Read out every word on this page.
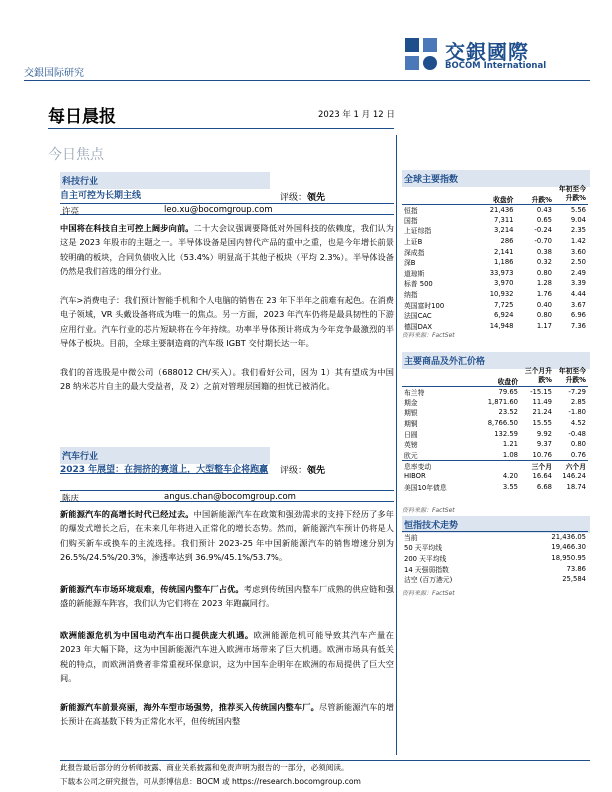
交銀国际研究
交銀國際
BOCOM International
每日晨报	2023 年 1 月 12 日
今日焦点
科技行业
自主可控为长期主线	评级：领先
许亮	leo.xu@bocomgroup.com
中国将在科技自主可控上阔步向前。二十大会议强调要降低对外国科技的依赖度，我们认为这是 2023 年股市的主题之一。半导体设备是国内替代产品的重中之重，也是今年增长前景较明确的板块，合同负债收入比（53.4%）明显高于其他子板块（平均 2.3%）。半导体设备仍然是我们首选的细分行业。
汽车>消费电子：我们预计智能手机和个人电脑的销售在 23 年下半年之前难有起色。在消费电子领域，VR 头戴设备将成为唯一的焦点。另一方面，2023 年汽车仍将是最具韧性的下游应用行业。汽车行业的芯片短缺将在今年持续。功率半导体预计将成为今年竞争最激烈的半导体子板块。目前，全球主要制造商的汽车级 IGBT 交付期长达一年。
我们的首选股是中微公司（688012 CH/买入）。我们看好公司，因为 1）其有望成为中国 28 纳米芯片自主的最大受益者，及 2）之前对管理层国籍的担忧已被消化。
汽车行业
2023 年展望：在拥挤的赛道上，大型整车企将跑赢	评级：领先
陈庆	angus.chan@bocomgroup.com
新能源汽车的高增长时代已经过去。中国新能源汽车在政策和强劲需求的支持下经历了多年的爆发式增长之后，在未来几年将进入正常化的增长态势。然而，新能源汽车预计仍将是人们购买新车或换车的主流选择。我们预计 2023-25 年中国新能源汽车的销售增速分别为 26.5%/24.5%/20.3%，渗透率达到 36.9%/45.1%/53.7%。
新能源汽车市场环境艰难，传统国内整车厂占优。考虑到传统国内整车厂成熟的供应链和强盛的新能源车阵容，我们认为它们将在 2023 年跑赢同行。
欧洲能源危机为中国电动汽车出口提供庞大机遇。欧洲能源危机可能导致其汽车产量在 2023 年大幅下降，这为中国新能源汽车进入欧洲市场带来了巨大机遇。欧洲市场具有低关税的特点，而欧洲消费者非常重视环保意识，这为中国车企明年在欧洲的布局提供了巨大空间。
新能源汽车前景亮丽，海外车型市场强势，推荐买入传统国内整车厂。尽管新能源汽车的增长预计在高基数下转为正常化水平，但传统国内整
全球主要指数
	收盘价	升跌%	年初至今升跌%
恒指	21,436	0.43	5.56
国指	7,311	0.65	9.04
上证综指	3,214	-0.24	2.35
上证B	286	-0.70	1.42
深成指	2,141	0.38	3.60
深B	1,186	0.32	2.50
道琼斯	33,973	0.80	2.49
标普 500	3,970	1.28	3.39
纳指	10,932	1.76	4.44
英国富时100	7,725	0.40	3.67
法国CAC	6,924	0.80	6.96
德国DAX	14,948	1.17	7.36
资料来源：FactSet
主要商品及外汇价格
	收盘价	三个月升跌%	年初至今升跌%
布兰特	79.65	-15.15	-7.29
期金	1,871.60	11.49	2.85
期银	23.52	21.24	-1.80
期铜	8,766.50	15.55	4.52
日圆	132.59	9.92	-0.48
英镑	1.21	9.37	0.80
欧元	1.08	10.76	0.76
息率变动		三个月	六个月
HIBOR	4.20	16.64	146.24
美国10年债息	3.55	6.68	18.74
资料来源：FactSet
恒指技术走势
当前	21,436.05
50 天平均线	19,466.30
200 天平均线	18,950.95
14 天强弱指数	73.86
沽空 (百万港元)	25,584
资料来源：FactSet
此报告最后部分的分析师披露、商业关系披露和免责声明为报告的一部分，必须阅读。
下载本公司之研究报告，可从彭博信息：BOCM 或 https://research.bocomgroup.com
